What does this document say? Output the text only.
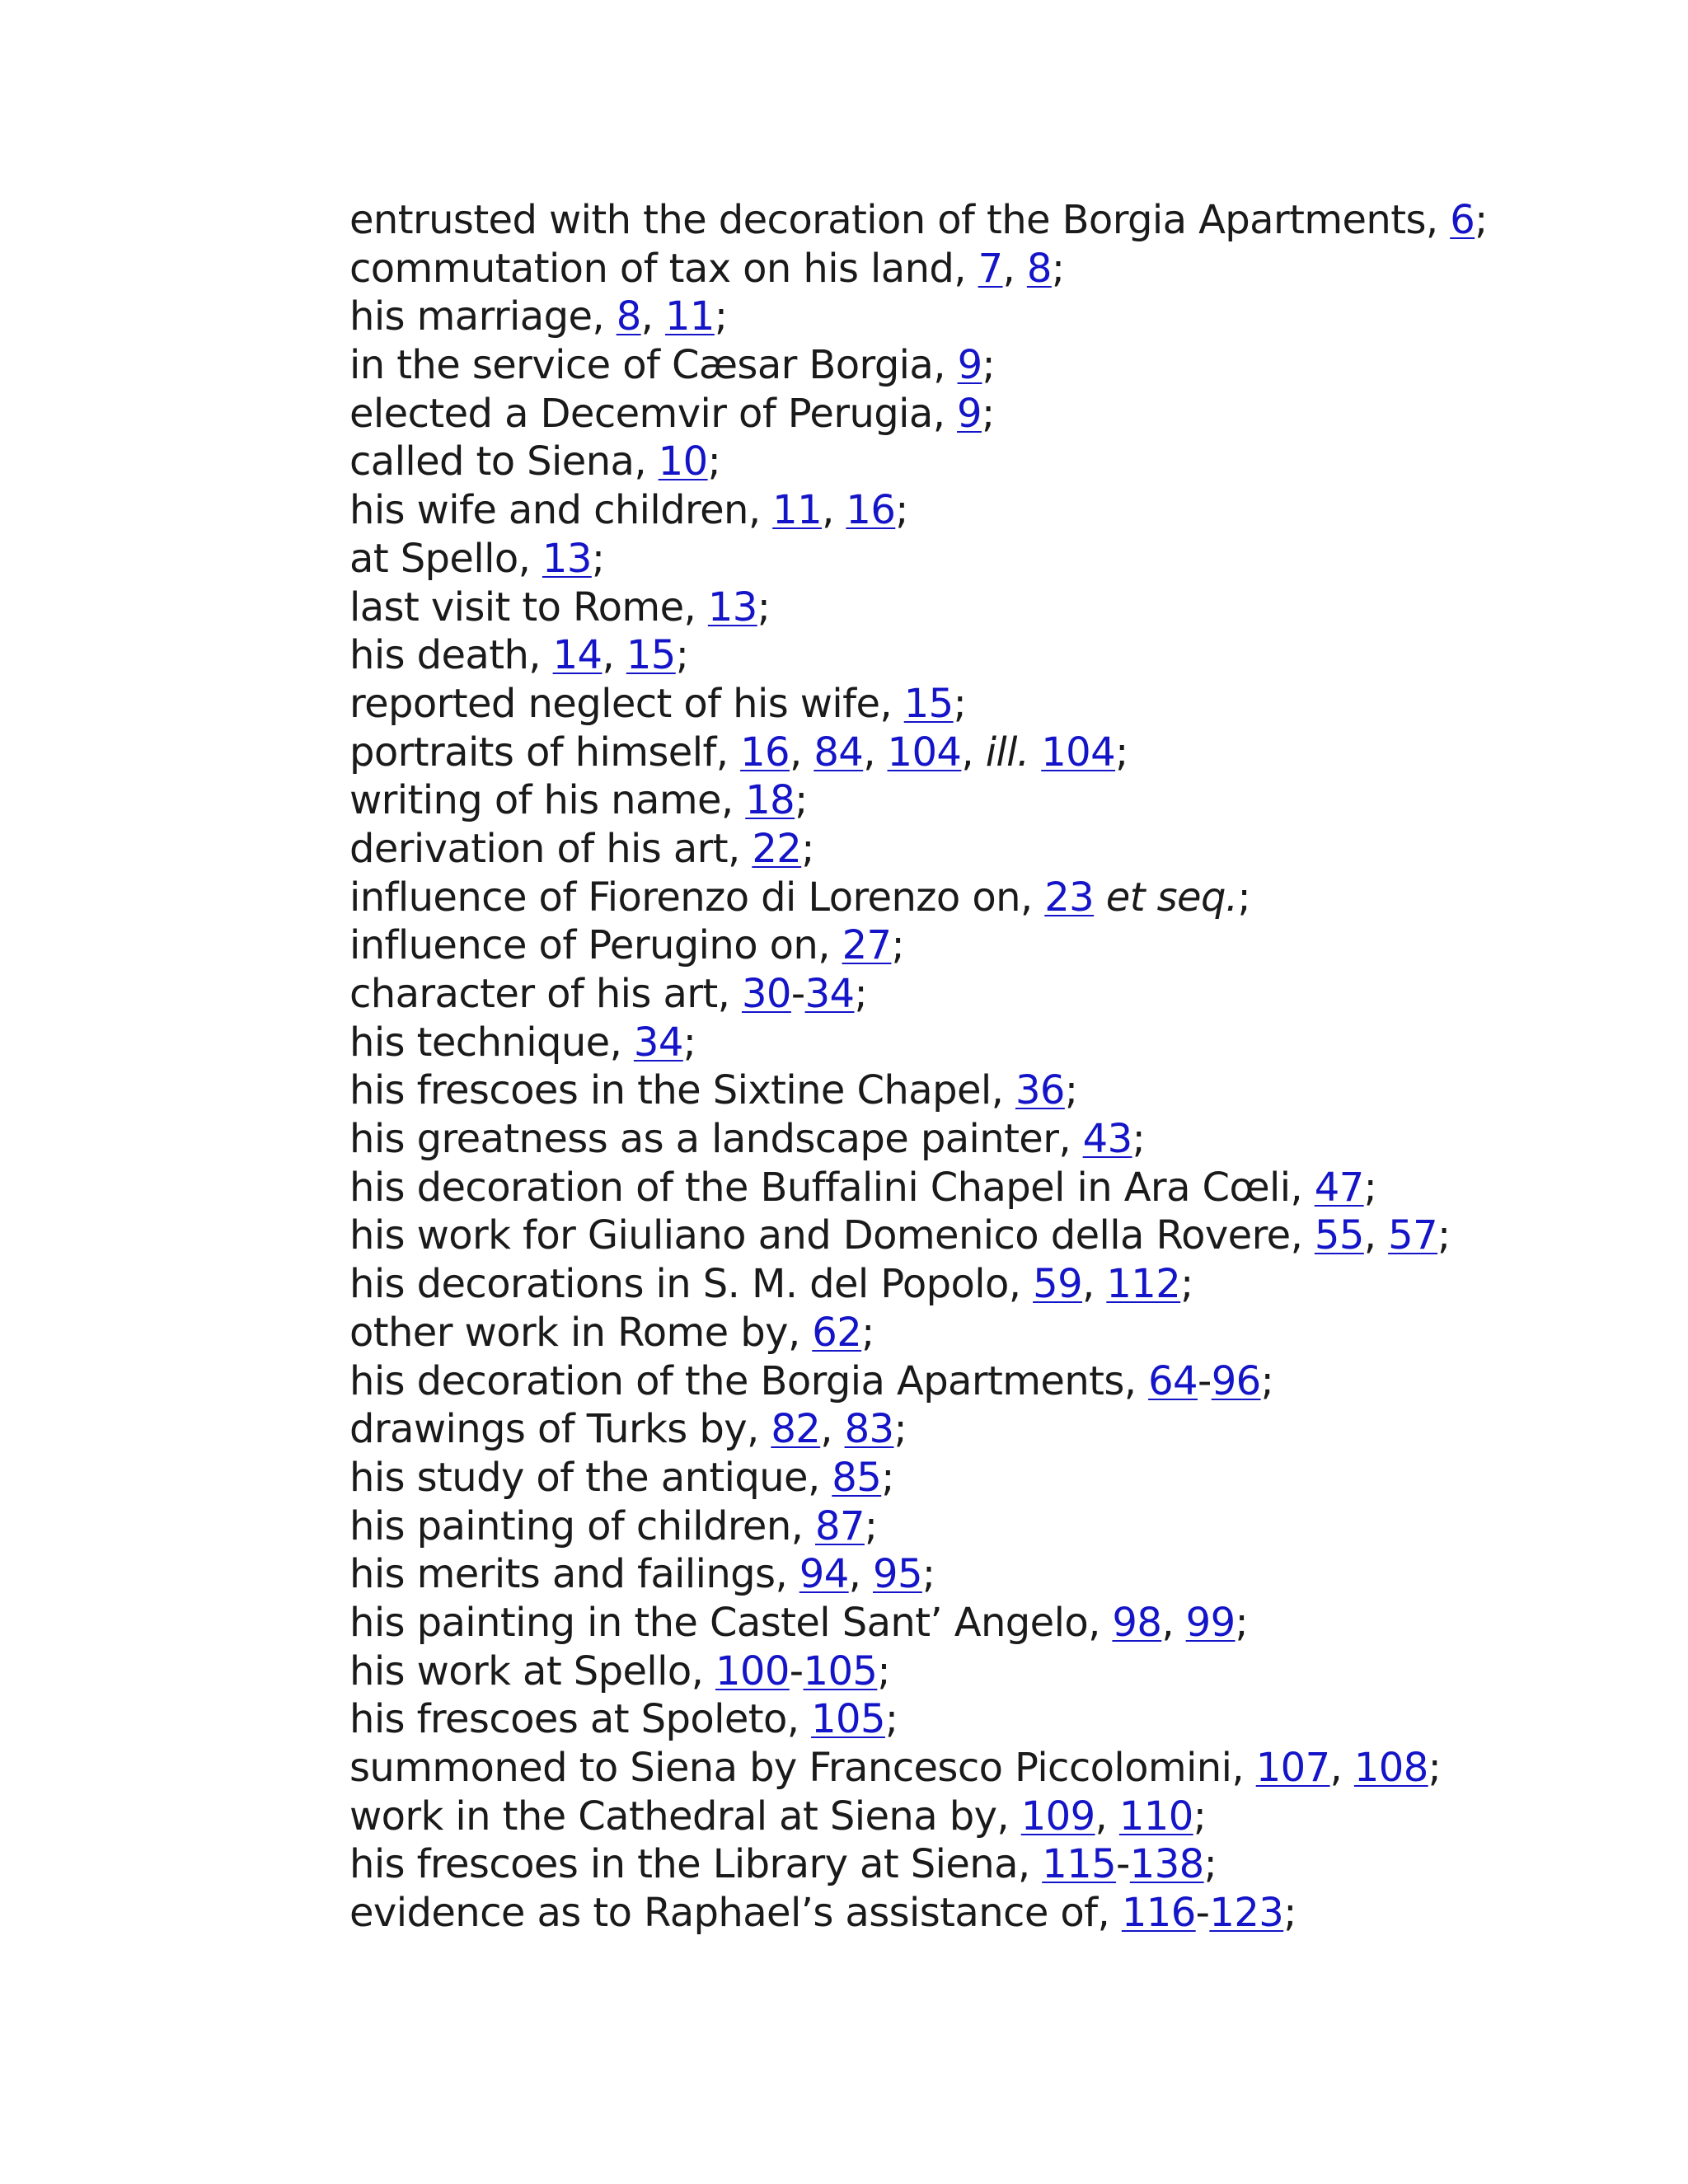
entrusted with the decoration of the Borgia Apartments, 6;
commutation of tax on his land, 7, 8;
his marriage, 8, 11;
in the service of Cæsar Borgia, 9;
elected a Decemvir of Perugia, 9;
called to Siena, 10;
his wife and children, 11, 16;
at Spello, 13;
last visit to Rome, 13;
his death, 14, 15;
reported neglect of his wife, 15;
portraits of himself, 16, 84, 104, ill. 104;
writing of his name, 18;
derivation of his art, 22;
influence of Fiorenzo di Lorenzo on, 23 et seq.;
influence of Perugino on, 27;
character of his art, 30-34;
his technique, 34;
his frescoes in the Sixtine Chapel, 36;
his greatness as a landscape painter, 43;
his decoration of the Buffalini Chapel in Ara Cœli, 47;
his work for Giuliano and Domenico della Rovere, 55, 57;
his decorations in S. M. del Popolo, 59, 112;
other work in Rome by, 62;
his decoration of the Borgia Apartments, 64-96;
drawings of Turks by, 82, 83;
his study of the antique, 85;
his painting of children, 87;
his merits and failings, 94, 95;
his painting in the Castel Sant’ Angelo, 98, 99;
his work at Spello, 100-105;
his frescoes at Spoleto, 105;
summoned to Siena by Francesco Piccolomini, 107, 108;
work in the Cathedral at Siena by, 109, 110;
his frescoes in the Library at Siena, 115-138;
evidence as to Raphael’s assistance of, 116-123;
